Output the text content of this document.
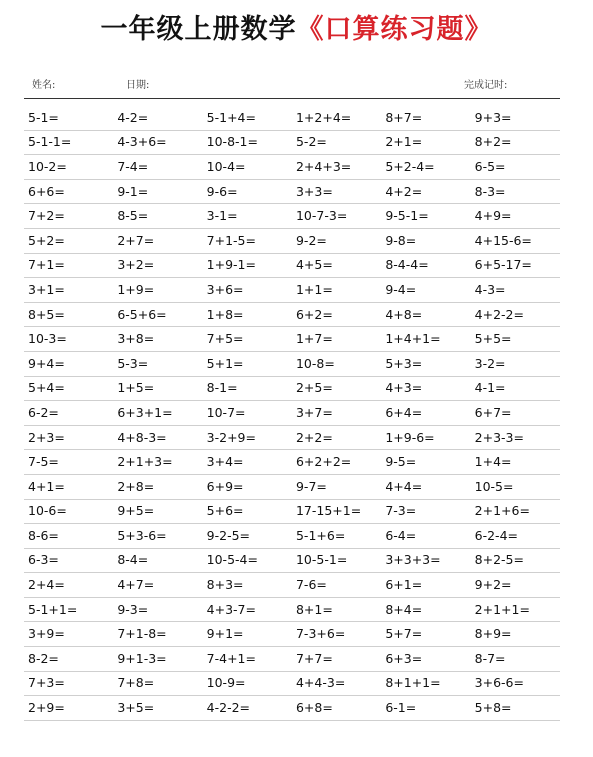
一年级上册数学《口算练习题》
姓名:	日期:	完成记时:
5-1=	4-2=	5-1+4=	1+2+4=	8+7=	9+3=
5-1-1=	4-3+6=	10-8-1=	5-2=	2+1=	8+2=
10-2=	7-4=	10-4=	2+4+3=	5+2-4=	6-5=
6+6=	9-1=	9-6=	3+3=	4+2=	8-3=
7+2=	8-5=	3-1=	10-7-3=	9-5-1=	4+9=
5+2=	2+7=	7+1-5=	9-2=	9-8=	4+15-6=
7+1=	3+2=	1+9-1=	4+5=	8-4-4=	6+5-17=
3+1=	1+9=	3+6=	1+1=	9-4=	4-3=
8+5=	6-5+6=	1+8=	6+2=	4+8=	4+2-2=
10-3=	3+8=	7+5=	1+7=	1+4+1=	5+5=
9+4=	5-3=	5+1=	10-8=	5+3=	3-2=
5+4=	1+5=	8-1=	2+5=	4+3=	4-1=
6-2=	6+3+1=	10-7=	3+7=	6+4=	6+7=
2+3=	4+8-3=	3-2+9=	2+2=	1+9-6=	2+3-3=
7-5=	2+1+3=	3+4=	6+2+2=	9-5=	1+4=
4+1=	2+8=	6+9=	9-7=	4+4=	10-5=
10-6=	9+5=	5+6=	17-15+1=	7-3=	2+1+6=
8-6=	5+3-6=	9-2-5=	5-1+6=	6-4=	6-2-4=
6-3=	8-4=	10-5-4=	10-5-1=	3+3+3=	8+2-5=
2+4=	4+7=	8+3=	7-6=	6+1=	9+2=
5-1+1=	9-3=	4+3-7=	8+1=	8+4=	2+1+1=
3+9=	7+1-8=	9+1=	7-3+6=	5+7=	8+9=
8-2=	9+1-3=	7-4+1=	7+7=	6+3=	8-7=
7+3=	7+8=	10-9=	4+4-3=	8+1+1=	3+6-6=
2+9=	3+5=	4-2-2=	6+8=	6-1=	5+8=
